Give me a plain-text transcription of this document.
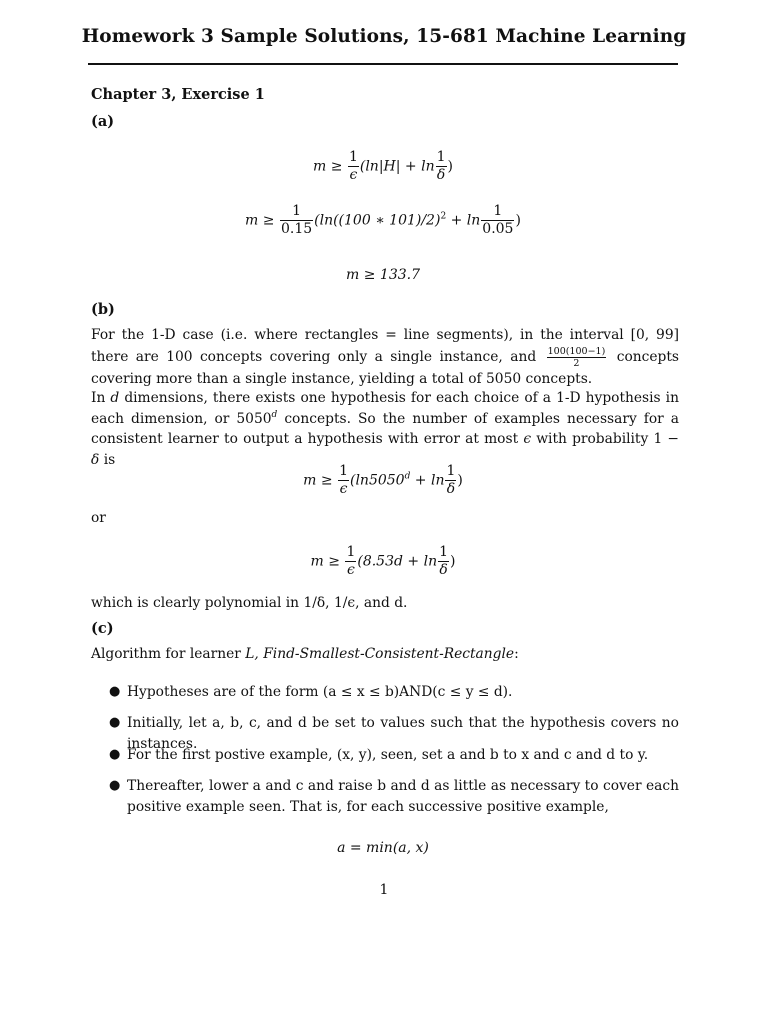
Homework 3 Sample Solutions, 15-681 Machine Learning
Chapter 3, Exercise 1
(a)
$m \ge \frac{1}{\epsilon} (\ln|H| + \ln \frac{1}{\delta}$ )
$m \ge \frac{1}{0.15} (\ln((100$ ∗ $101)/2)^2 + \ln \frac{1}{0.05}$ )
m ≥ 133.7
(b)
For the 1-D case (i.e. where rectangles = line segments), in the interval [0, 99] there are 100 concepts covering only a single instance, and $\frac{100(100-1)}{2}$ concepts covering more than a single instance, yielding a total of 5050 concepts.
In d dimensions, there exists one hypothesis for each choice of a 1-D hypothesis in each dimension, or 5050$^d$ concepts. So the number of examples necessary for a consistent learner to output a hypothesis with error at most ϵ with probability 1 − δ is
$m \ge \frac{1}{\epsilon} (\ln 5050^d + \ln \frac{1}{\delta}$ )
or
$m \ge \frac{1}{\epsilon} (8.53d + \ln \frac{1}{\delta}$ )
which is clearly polynomial in 1/δ, 1/ϵ, and d.
(c)
Algorithm for learner L, Find-Smallest-Consistent-Rectangle:
● Hypotheses are of the form (a ≤ x ≤ b)AND(c ≤ y ≤ d).
● Initially, let a, b, c, and d be set to values such that the hypothesis covers no instances.
● For the first postive example, (x, y), seen, set a and b to x and c and d to y.
● Thereafter, lower a and c and raise b and d as little as necessary to cover each positive example seen. That is, for each successive positive example,
a = min(a, x)
1
